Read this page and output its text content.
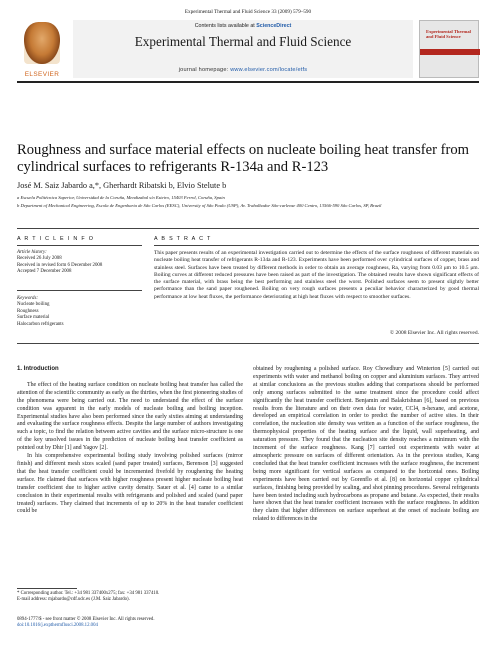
Experimental Thermal and Fluid Science 33 (2009) 579–590
ELSEVIER
Contents lists available at ScienceDirect
Experimental Thermal and Fluid Science
journal homepage: www.elsevier.com/locate/etfs
Experimental Thermal and Fluid Science
Roughness and surface material effects on nucleate boiling heat transfer from cylindrical surfaces to refrigerants R-134a and R-123
José M. Saiz Jabardo a,*, Gherhardt Ribatski b, Elvio Stelute b
a Escuela Politécnica Superior, Universidad de la Coruña, Mendizabal s/n Esteiro, 15403 Ferrol, Coruña, Spain
b Department of Mechanical Engineering, Escola de Engenharia de São Carlos (EESC), University of São Paulo (USP), Av. Trabalhador São-carlense 400 Centro, 13566-590 São Carlos, SP, Brazil
A R T I C L E I N F O	A B S T R A C T
Article history:
Received 26 July 2008
Received in revised form 6 December 2008
Accepted 7 December 2008
Keywords:
Nucleate boiling
Roughness
Surface material
Halocarbon refrigerants
This paper presents results of an experimental investigation carried out to determine the effects of the surface roughness of different materials on nucleate boiling heat transfer of refrigerants R-134a and R-123. Experiments have been performed over cylindrical surfaces of copper, brass and stainless steel. Surfaces have been treated by different methods in order to obtain an average roughness, Ra, varying from 0.03 μm to 10.5 μm. Boiling curves at different reduced pressures have been raised as part of the investigation. The obtained results have shown significant effects of the surface material, with brass being the best performing and stainless steel the worst. Polished surfaces seem to present slightly better performance than the sand paper roughened. Boiling on very rough surfaces presents a peculiar behavior characterized by good thermal performance at low heat fluxes, the performance deteriorating at high heat fluxes with respect to smoother surfaces.
© 2008 Elsevier Inc. All rights reserved.
1. Introduction

The effect of the heating surface condition on nucleate boiling heat transfer has called the attention of the scientific community as early as the thirties, when the first pioneering studies of the phenomena were being carried out. The need to understand the effect of the surface condition was apparent in the early models of nucleate boiling and boiling inception. Experimental studies have also been performed since the early sixties aiming at understanding and evaluating the surface roughness effects. Despite the large number of authors investigating such a topic, to find the relation between active cavities and the surface micro-structure is one of the key unsolved issues in the prediction of nucleate boiling heat transfer coefficient as pointed out by Dhir [1] and Yagov [2].

In his comprehensive experimental boiling study involving polished surfaces (mirror finish) and different mesh sizes scaled (sand paper treated) surfaces, Berenson [3] suggested that the heat transfer coefficient could be incremented fivefold by roughening the heating surface. He claimed that surfaces with higher roughness present higher nucleate boiling heat transfer coefficient due to higher active cavity density. Sauer et al. [4] came to a similar conclusion in their experimental results with refrigerants and polished and scaled (sand paper treated) surfaces. They claimed that increments of up to 20% in the heat transfer coefficient could be

obtained by roughening a polished surface. Roy Chowdhury and Winterton [5] carried out experiments with water and methanol boiling on copper and aluminium surfaces. They arrived at similar conclusions as the previous studies adding that comparisons should be performed only among surfaces submitted to the same treatment since the procedure could affect significantly the heat transfer coefficient. Benjamin and Balakrishnan [6], based on previous results from the literature and on their own data for water, CCl4, n-hexane, and acetone, developed an empirical correlation in order to predict the number of active sites. In their correlation, the nucleation site density was written as a function of the surface roughness, the thermophysical properties of the heating surface and the liquid, wall superheating, and saturation pressure. They found that the nucleation site density reaches a minimum with the increment of the surface roughness. Kang [7] carried out experiments with water at atmospheric pressure on surfaces of different orientation. As in the previous studies, Kang concluded that the heat transfer coefficient increases with the surface roughness, the increment being more significant for vertical surfaces as compared to the horizontal ones. Boiling experiments have been carried out by Gorenflo et al. [8] on horizontal copper cylindrical surfaces, finishing being provided by scaling, and shot pinning procedures. Several refrigerants have been tested including such hydrocarbons as propane and butane. As expected, their results have shown that the heat transfer coefficient increases with the surface roughness. In addition they claim that higher differences on surface superheat at the onset of nucleate boiling are related to differences in the

* Corresponding author. Tel.: +34 981 337400x275; fax: +34 981 337410.
E-mail address: mjabardo@cdf.udc.es (J.M. Saiz Jabardo).
0894-1777/$ - see front matter © 2008 Elsevier Inc. All rights reserved.
doi:10.1016/j.expthermflusci.2008.12.004
